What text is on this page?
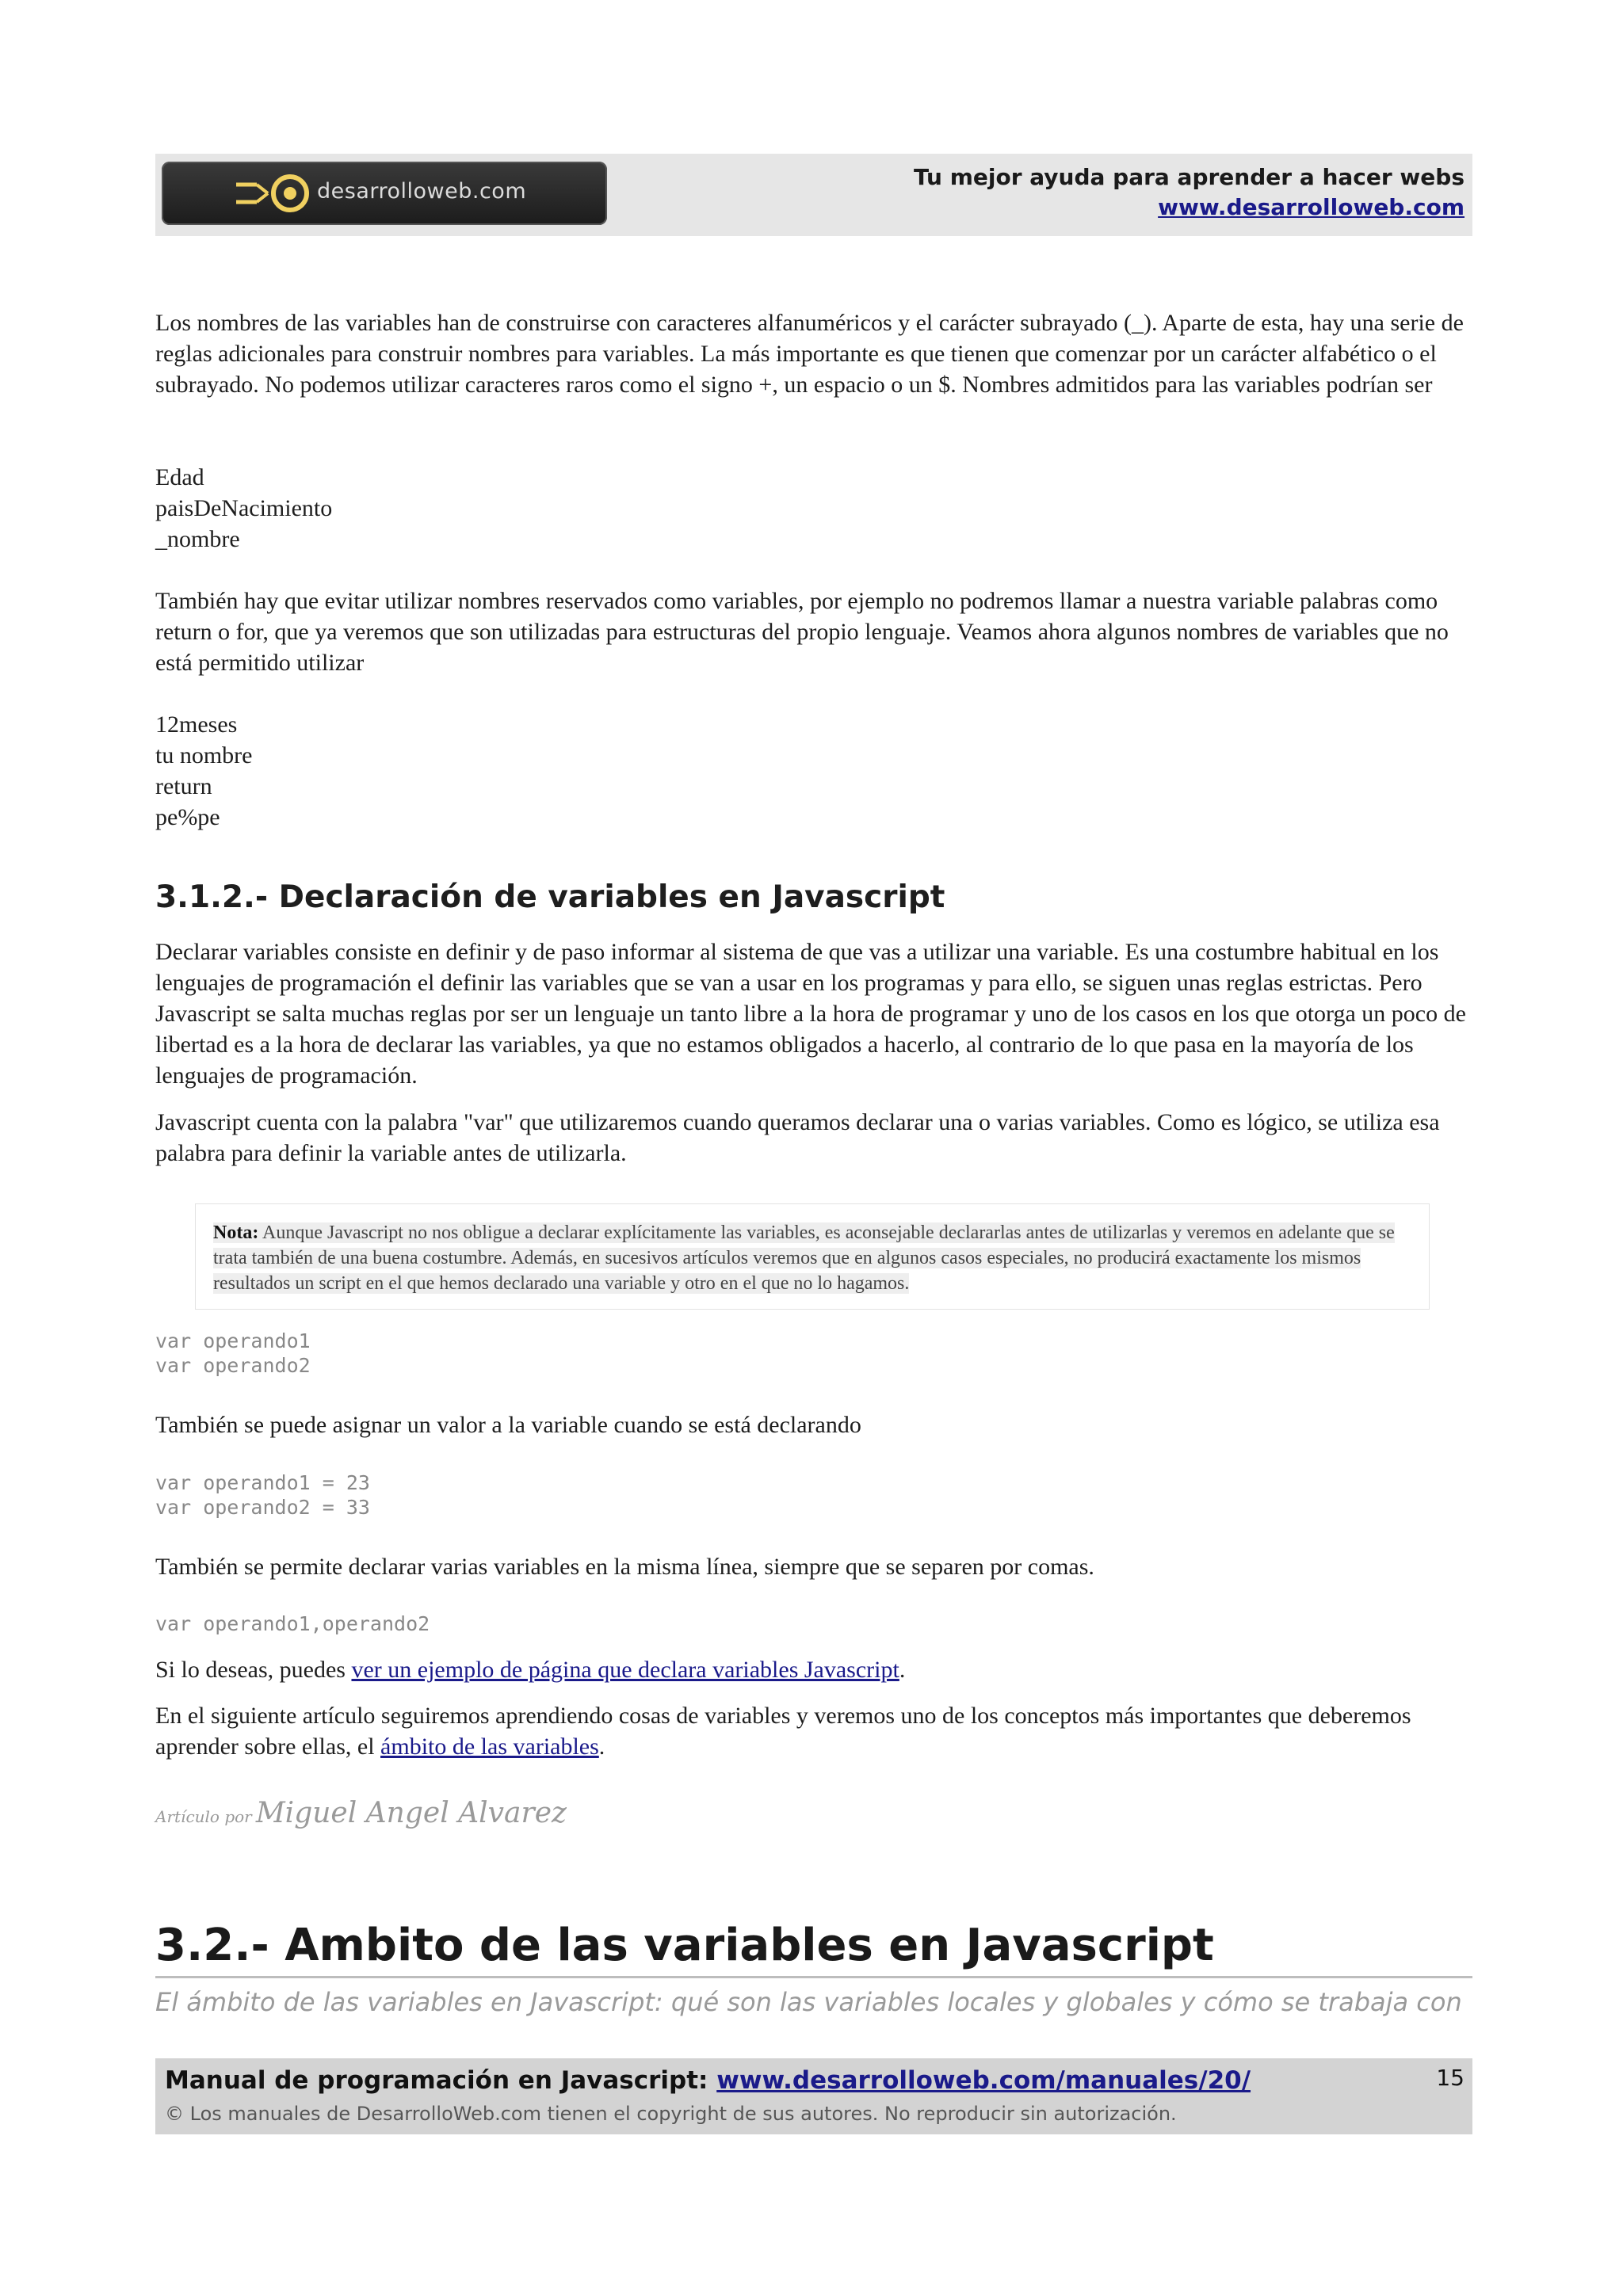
desarrolloweb.com
Tu mejor ayuda para aprender a hacer webs
www.desarrolloweb.com

Los nombres de las variables han de construirse con caracteres alfanuméricos y el carácter subrayado (_). Aparte de esta, hay una serie de reglas adicionales para construir nombres para variables. La más importante es que tienen que comenzar por un carácter alfabético o el subrayado. No podemos utilizar caracteres raros como el signo +, un espacio o un $. Nombres admitidos para las variables podrían ser

Edad
paisDeNacimiento
_nombre

También hay que evitar utilizar nombres reservados como variables, por ejemplo no podremos llamar a nuestra variable palabras como return o for, que ya veremos que son utilizadas para estructuras del propio lenguaje. Veamos ahora algunos nombres de variables que no está permitido utilizar

12meses
tu nombre
return
pe%pe
3.1.2.- Declaración de variables en Javascript

Declarar variables consiste en definir y de paso informar al sistema de que vas a utilizar una variable. Es una costumbre habitual en los lenguajes de programación el definir las variables que se van a usar en los programas y para ello, se siguen unas reglas estrictas. Pero Javascript se salta muchas reglas por ser un lenguaje un tanto libre a la hora de programar y uno de los casos en los que otorga un poco de libertad es a la hora de declarar las variables, ya que no estamos obligados a hacerlo, al contrario de lo que pasa en la mayoría de los lenguajes de programación.

Javascript cuenta con la palabra "var" que utilizaremos cuando queramos declarar una o varias variables. Como es lógico, se utiliza esa palabra para definir la variable antes de utilizarla.

Nota: Aunque Javascript no nos obligue a declarar explícitamente las variables, es aconsejable declararlas antes de utilizarlas y veremos en adelante que se trata también de una buena costumbre. Además, en sucesivos artículos veremos que en algunos casos especiales, no producirá exactamente los mismos resultados un script en el que hemos declarado una variable y otro en el que no lo hagamos.

var operando1
var operando2

También se puede asignar un valor a la variable cuando se está declarando

var operando1 = 23
var operando2 = 33

También se permite declarar varias variables en la misma línea, siempre que se separen por comas.

var operando1,operando2

Si lo deseas, puedes ver un ejemplo de página que declara variables Javascript.

En el siguiente artículo seguiremos aprendiendo cosas de variables y veremos uno de los conceptos más importantes que deberemos aprender sobre ellas, el ámbito de las variables.

Artículo por Miguel Angel Alvarez
3.2.- Ambito de las variables en Javascript
El ámbito de las variables en Javascript: qué son las variables locales y globales y cómo se trabaja con
Manual de programación en Javascript: www.desarrolloweb.com/manuales/20/
© Los manuales de DesarrolloWeb.com tienen el copyright de sus autores. No reproducir sin autorización.
15
